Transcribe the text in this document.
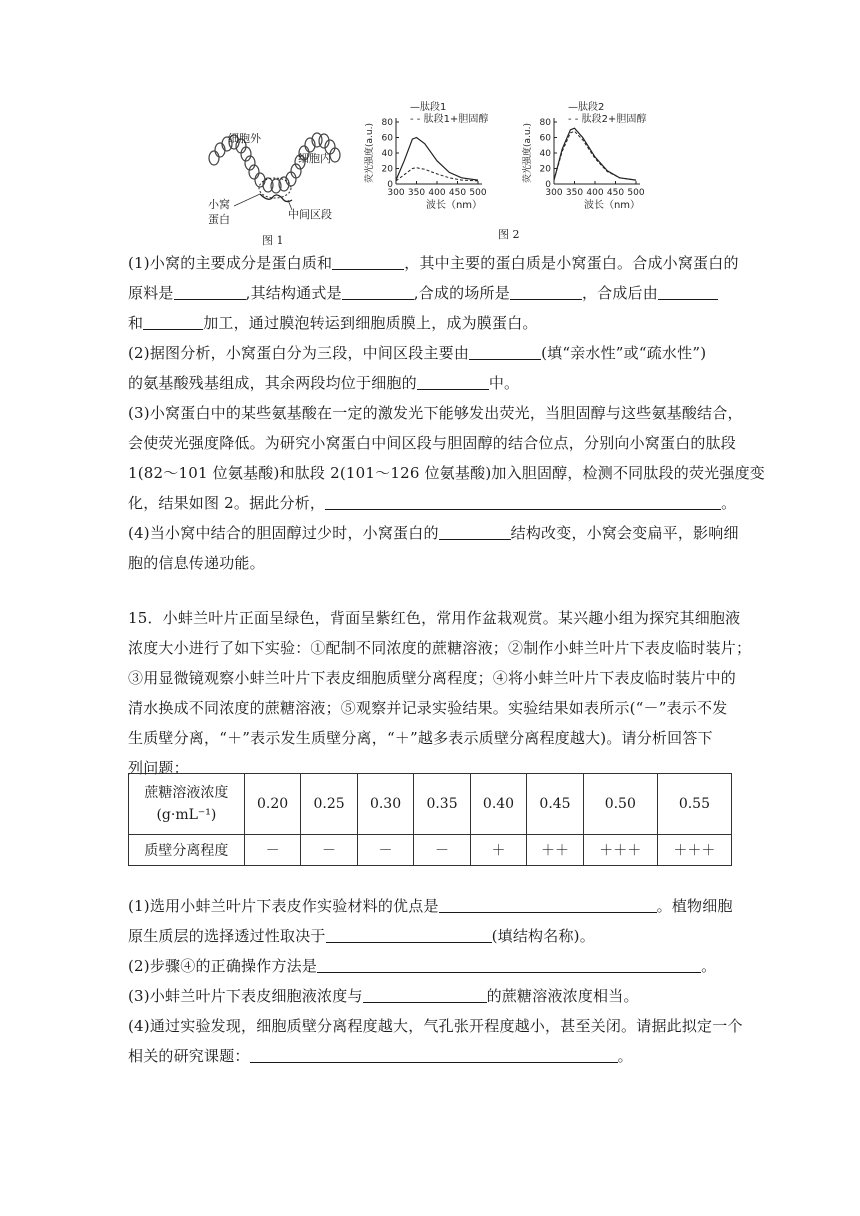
细胞外
细胞内
小窝
蛋白	中间区段
图 1
—肽段1
- - 肽段1+胆固醇
80
60
40
20
0
300 350 400 450 500
波长（nm）
荧光强度(a.u.)
—肽段2
- - 肽段2+胆固醇
80
60
40
20
0
300 350 400 450 500
波长（nm）
荧光强度(a.u.)
图 2
(1)小窝的主要成分是蛋白质和	，其中主要的蛋白质是小窝蛋白。合成小窝蛋白的
原料是	,其结构通式是	,合成的场所是	，合成后由
和	加工，通过膜泡转运到细胞质膜上，成为膜蛋白。
(2)据图分析，小窝蛋白分为三段，中间区段主要由	(填“亲水性”或“疏水性”)
的氨基酸残基组成，其余两段均位于细胞的	中。
(3)小窝蛋白中的某些氨基酸在一定的激发光下能够发出荧光，当胆固醇与这些氨基酸结合，
会使荧光强度降低。为研究小窝蛋白中间区段与胆固醇的结合位点，分别向小窝蛋白的肽段
1(82～101 位氨基酸)和肽段 2(101～126 位氨基酸)加入胆固醇，检测不同肽段的荧光强度变
化，结果如图 2。据此分析，	。
(4)当小窝中结合的胆固醇过少时，小窝蛋白的	结构改变，小窝会变扁平，影响细
胞的信息传递功能。
15．小蚌兰叶片正面呈绿色，背面呈紫红色，常用作盆栽观赏。某兴趣小组为探究其细胞液
浓度大小进行了如下实验：①配制不同浓度的蔗糖溶液；②制作小蚌兰叶片下表皮临时装片；
③用显微镜观察小蚌兰叶片下表皮细胞质壁分离程度；④将小蚌兰叶片下表皮临时装片中的
清水换成不同浓度的蔗糖溶液；⑤观察并记录实验结果。实验结果如表所示(“－”表示不发
生质壁分离，“＋”表示发生质壁分离，“＋”越多表示质壁分离程度越大)。请分析回答下
列问题：
蔗糖溶液浓度
(g·mL⁻¹)	0.20	0.25	0.30	0.35	0.40	0.45	0.50	0.55
质壁分离程度	－	－	－	－	＋	＋＋	＋＋＋	＋＋＋
(1)选用小蚌兰叶片下表皮作实验材料的优点是	。植物细胞
原生质层的选择透过性取决于	(填结构名称)。
(2)步骤④的正确操作方法是	。
(3)小蚌兰叶片下表皮细胞液浓度与	的蔗糖溶液浓度相当。
(4)通过实验发现，细胞质壁分离程度越大，气孔张开程度越小，甚至关闭。请据此拟定一个
相关的研究课题：	。
